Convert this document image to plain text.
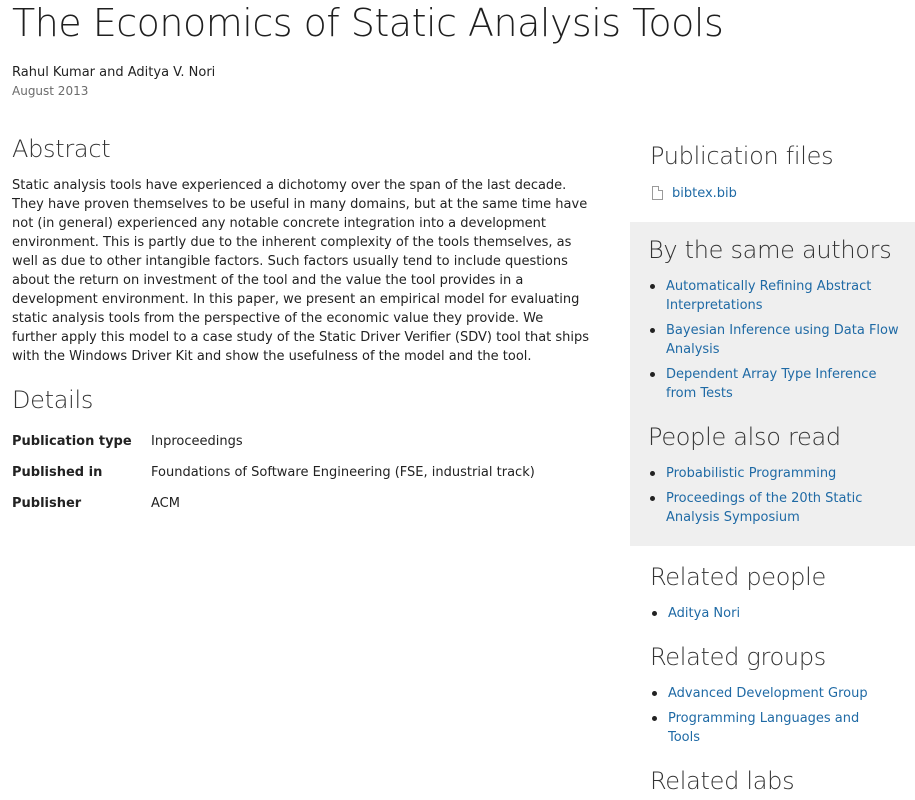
The Economics of Static Analysis Tools
Rahul Kumar and Aditya V. Nori
August 2013
Abstract

Static analysis tools have experienced a dichotomy over the span of the last decade. They have proven themselves to be useful in many domains, but at the same time have not (in general) experienced any notable concrete integration into a development environment. This is partly due to the inherent complexity of the tools themselves, as well as due to other intangible factors. Such factors usually tend to include questions about the return on investment of the tool and the value the tool provides in a development environment. In this paper, we present an empirical model for evaluating static analysis tools from the perspective of the economic value they provide. We further apply this model to a case study of the Static Driver Verifier (SDV) tool that ships with the Windows Driver Kit and show the usefulness of the model and the tool.

Details
Publication type	Inproceedings
Published in	Foundations of Software Engineering (FSE, industrial track)
Publisher	ACM
Publication files
bibtex.bib
By the same authors
Automatically Refining Abstract Interpretations
Bayesian Inference using Data Flow Analysis
Dependent Array Type Inference from Tests
People also read
Probabilistic Programming
Proceedings of the 20th Static Analysis Symposium
Related people
Aditya Nori
Related groups
Advanced Development Group
Programming Languages and Tools
Related labs
